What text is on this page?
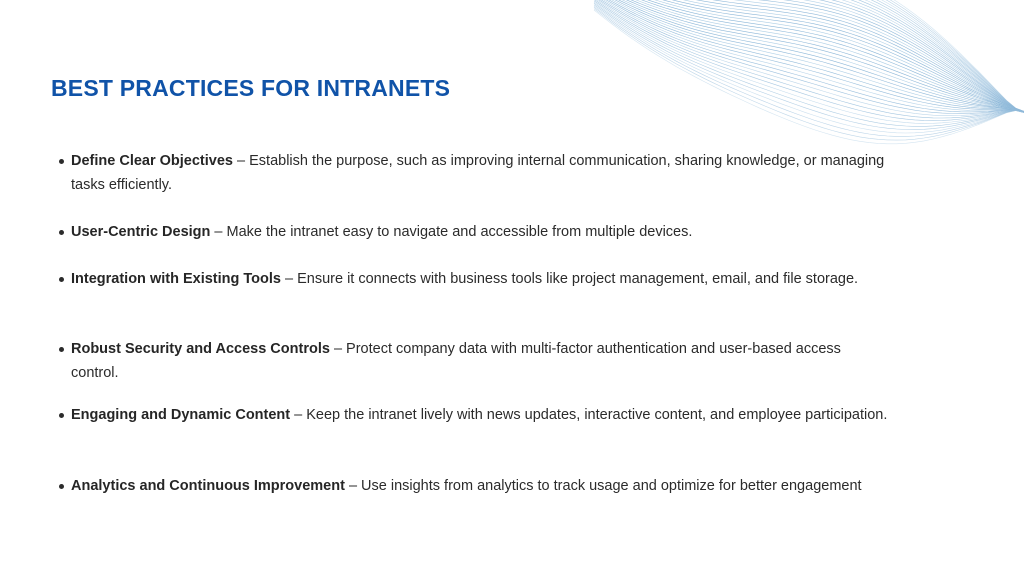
BEST PRACTICES FOR INTRANETS
Define Clear Objectives – Establish the purpose, such as improving internal communication, sharing knowledge, or managing tasks efficiently.
User-Centric Design – Make the intranet easy to navigate and accessible from multiple devices.
Integration with Existing Tools – Ensure it connects with business tools like project management, email, and file storage.
Robust Security and Access Controls – Protect company data with multi-factor authentication and user-based access control.
Engaging and Dynamic Content – Keep the intranet lively with news updates, interactive content, and employee participation.
Analytics and Continuous Improvement – Use insights from analytics to track usage and optimize for better engagement
